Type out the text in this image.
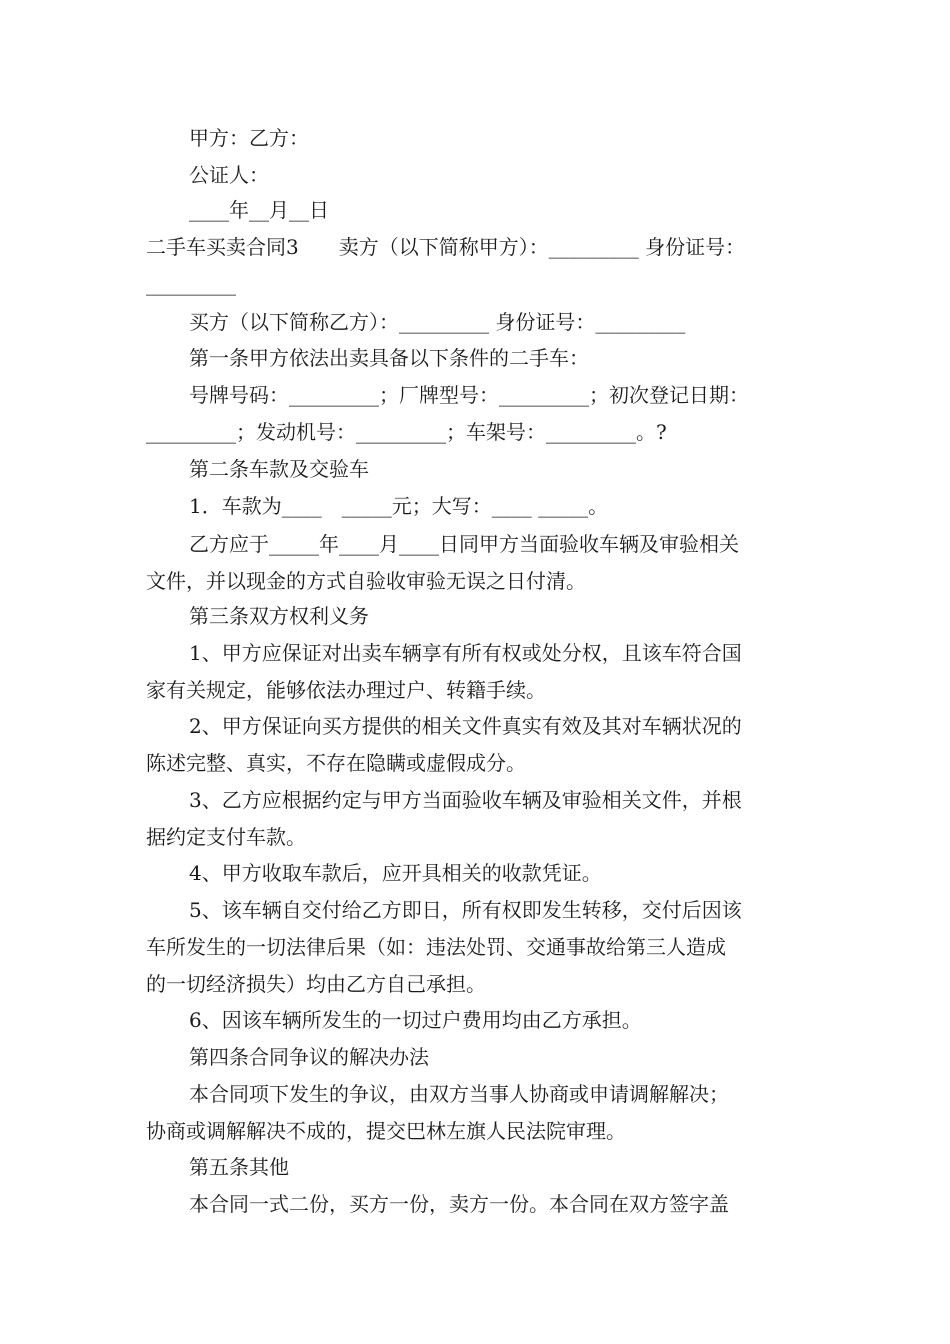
甲方：乙方：
公证人：
____年__月__日
二手车买卖合同3　　卖方（以下简称甲方）：_________ 身份证号：
_________
买方（以下简称乙方）：_________ 身份证号：_________
第一条甲方依法出卖具备以下条件的二手车：
号牌号码：_________；厂牌型号：_________；初次登记日期：
_________；发动机号：_________；车架号：_________。?
第二条车款及交验车
1．车款为____　_____元；大写：____ _____。
乙方应于_____年____月____日同甲方当面验收车辆及审验相关
文件，并以现金的方式自验收审验无误之日付清。
第三条双方权利义务
1、甲方应保证对出卖车辆享有所有权或处分权，且该车符合国
家有关规定，能够依法办理过户、转籍手续。
2、甲方保证向买方提供的相关文件真实有效及其对车辆状况的
陈述完整、真实，不存在隐瞒或虚假成分。
3、乙方应根据约定与甲方当面验收车辆及审验相关文件，并根
据约定支付车款。
4、甲方收取车款后，应开具相关的收款凭证。
5、该车辆自交付给乙方即日，所有权即发生转移，交付后因该
车所发生的一切法律后果（如：违法处罚、交通事故给第三人造成
的一切经济损失）均由乙方自己承担。
6、因该车辆所发生的一切过户费用均由乙方承担。
第四条合同争议的解决办法
本合同项下发生的争议，由双方当事人协商或申请调解解决；
协商或调解解决不成的，提交巴林左旗人民法院审理。
第五条其他
本合同一式二份，买方一份，卖方一份。本合同在双方签字盖
